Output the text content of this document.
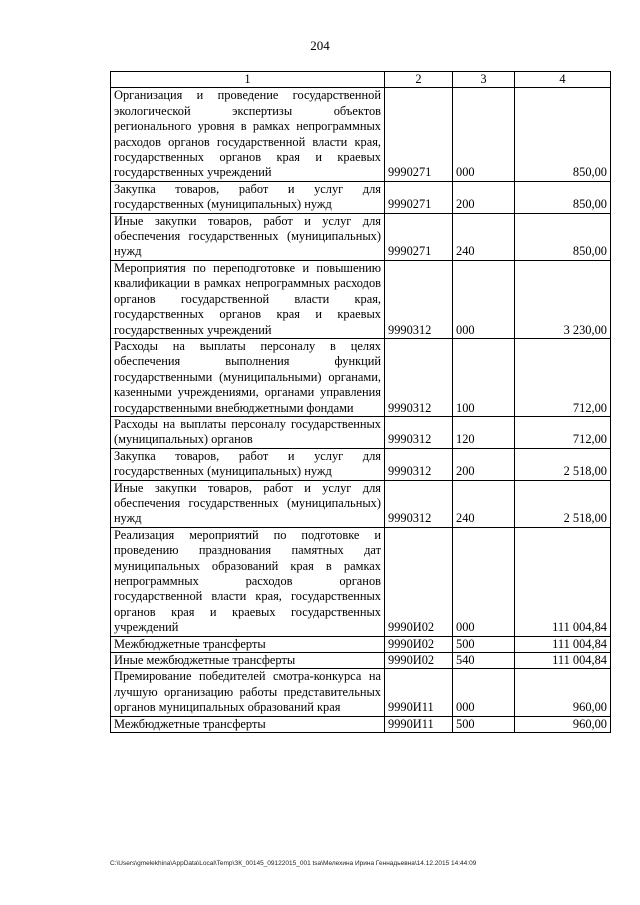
204
1	2	3	4
Организация и проведение государственной экологической экспертизы объектов регионального уровня в рамках непрограммных расходов органов государственной власти края, государственных органов края и краевых государственных учреждений	9990271	000	850,00
Закупка товаров, работ и услуг для государственных (муниципальных) нужд	9990271	200	850,00
Иные закупки товаров, работ и услуг для обеспечения государственных (муниципальных) нужд	9990271	240	850,00
Мероприятия по переподготовке и повышению квалификации в рамках непрограммных расходов органов государственной власти края, государственных органов края и краевых государственных учреждений	9990312	000	3 230,00
Расходы на выплаты персоналу в целях обеспечения выполнения функций государственными (муниципальными) органами, казенными учреждениями, органами управления государственными внебюджетными фондами	9990312	100	712,00
Расходы на выплаты персоналу государственных (муниципальных) органов	9990312	120	712,00
Закупка товаров, работ и услуг для государственных (муниципальных) нужд	9990312	200	2 518,00
Иные закупки товаров, работ и услуг для обеспечения государственных (муниципальных) нужд	9990312	240	2 518,00
Реализация мероприятий по подготовке и проведению празднования памятных дат муниципальных образований края в рамках непрограммных расходов органов государственной власти края, государственных органов края и краевых государственных учреждений	9990И02	000	111 004,84
Межбюджетные трансферты	9990И02	500	111 004,84
Иные межбюджетные трансферты	9990И02	540	111 004,84
Премирование победителей смотра-конкурса на лучшую организацию работы представительных органов муниципальных образований края	9990И11	000	960,00
Межбюджетные трансферты	9990И11	500	960,00
C:\Users\gmelekhina\AppData\Local\Temp\ЗК_00145_09122015_001 tsa\Мелехина Ирина Геннадьевна\14.12.2015 14:44:09
